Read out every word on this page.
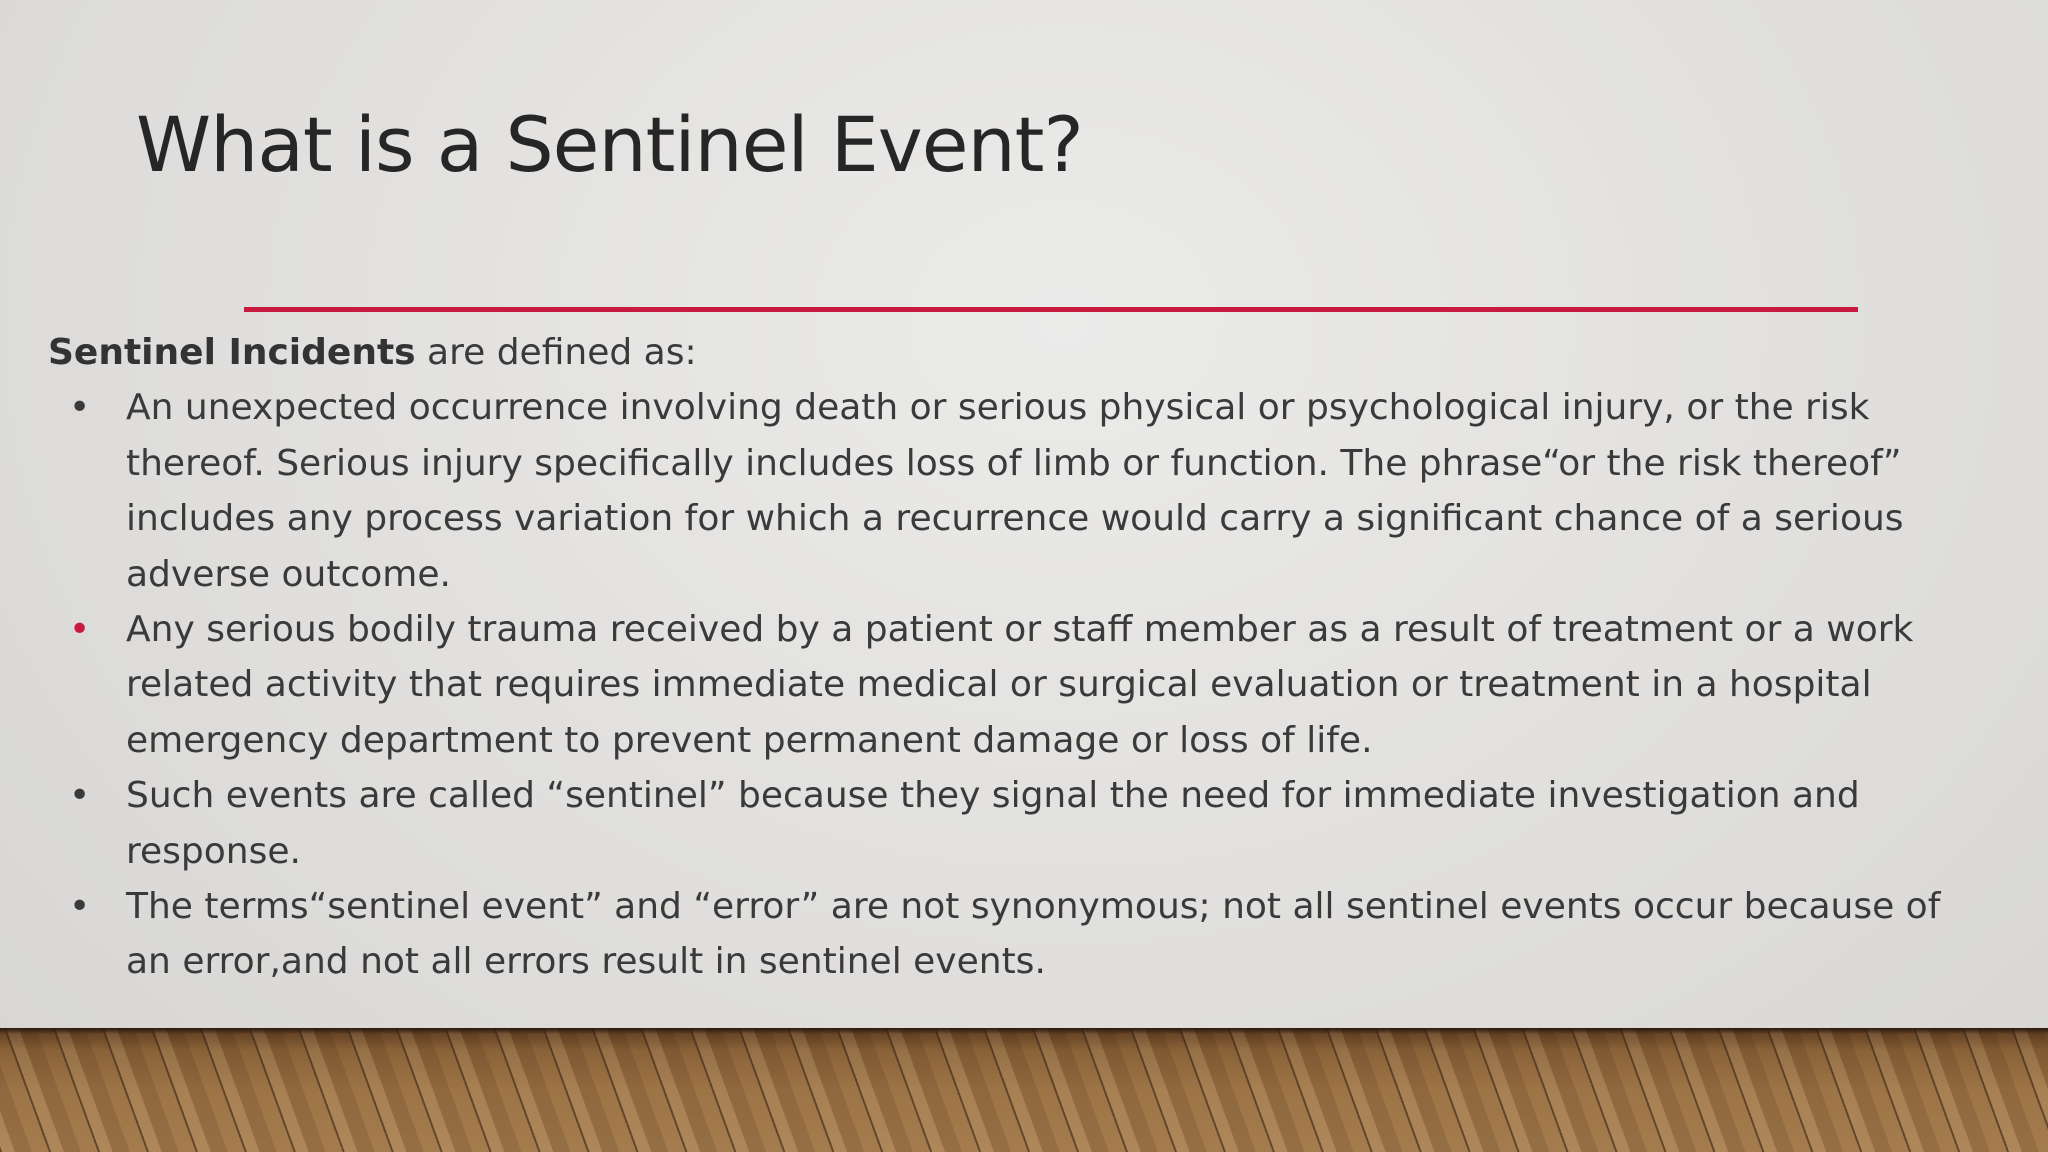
What is a Sentinel Event?

Sentinel Incidents are defined as:

• An unexpected occurrence involving death or serious physical or psychological injury, or the risk
thereof. Serious injury specifically includes loss of limb or function. The phrase“or the risk thereof”
includes any process variation for which a recurrence would carry a significant chance of a serious
adverse outcome.
• Any serious bodily trauma received by a patient or staff member as a result of treatment or a work
related activity that requires immediate medical or surgical evaluation or treatment in a hospital
emergency department to prevent permanent damage or loss of life.
• Such events are called “sentinel” because they signal the need for immediate investigation and
response.
• The terms“sentinel event” and “error” are not synonymous; not all sentinel events occur because of
an error,and not all errors result in sentinel events.
